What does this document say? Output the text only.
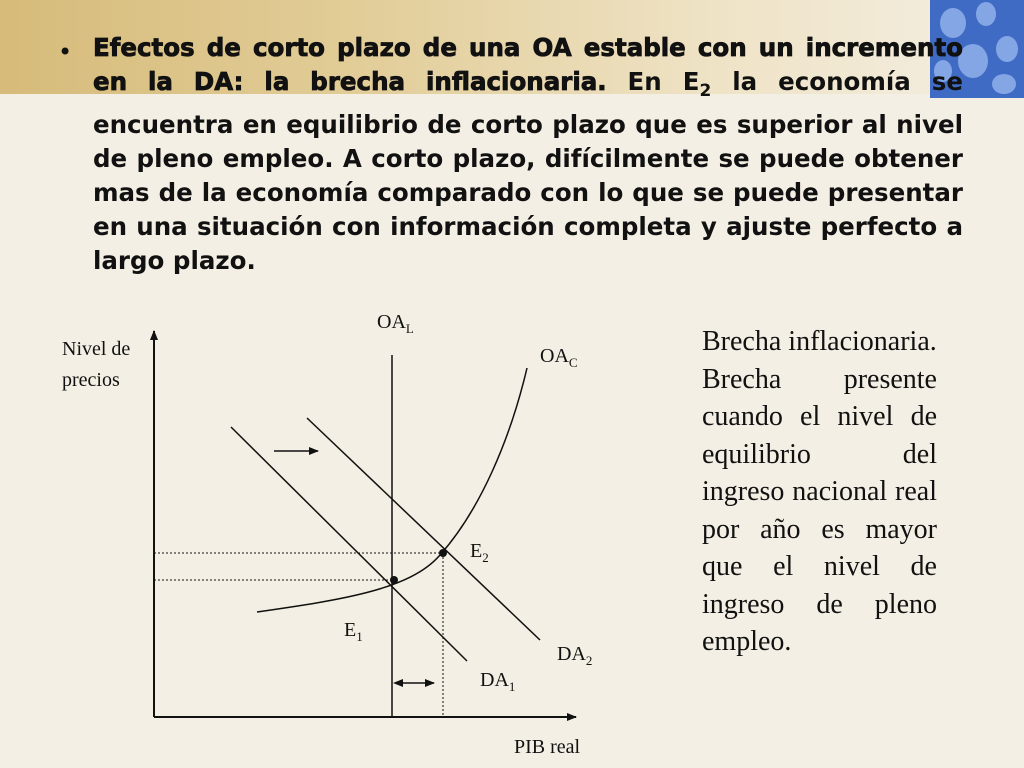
• Efectos de corto plazo de una OA estable con un incremento en la DA: la brecha inflacionaria. En $E_2$ la economía se encuentra en equilibrio de corto plazo que es superior al nivel de pleno empleo. A corto plazo, difícilmente se puede obtener mas de la economía comparado con lo que se puede presentar en una situación con información completa y ajuste perfecto a largo plazo.

Nivel de
precios
PIB real
$OA_L$
$OA_C$
$E_1$
$E_2$
$DA_1$
$DA_2$
Brecha inflacionaria.
Brecha presente cuando el nivel de equilibrio del ingreso nacional real por año es mayor que el nivel de ingreso de pleno empleo.
